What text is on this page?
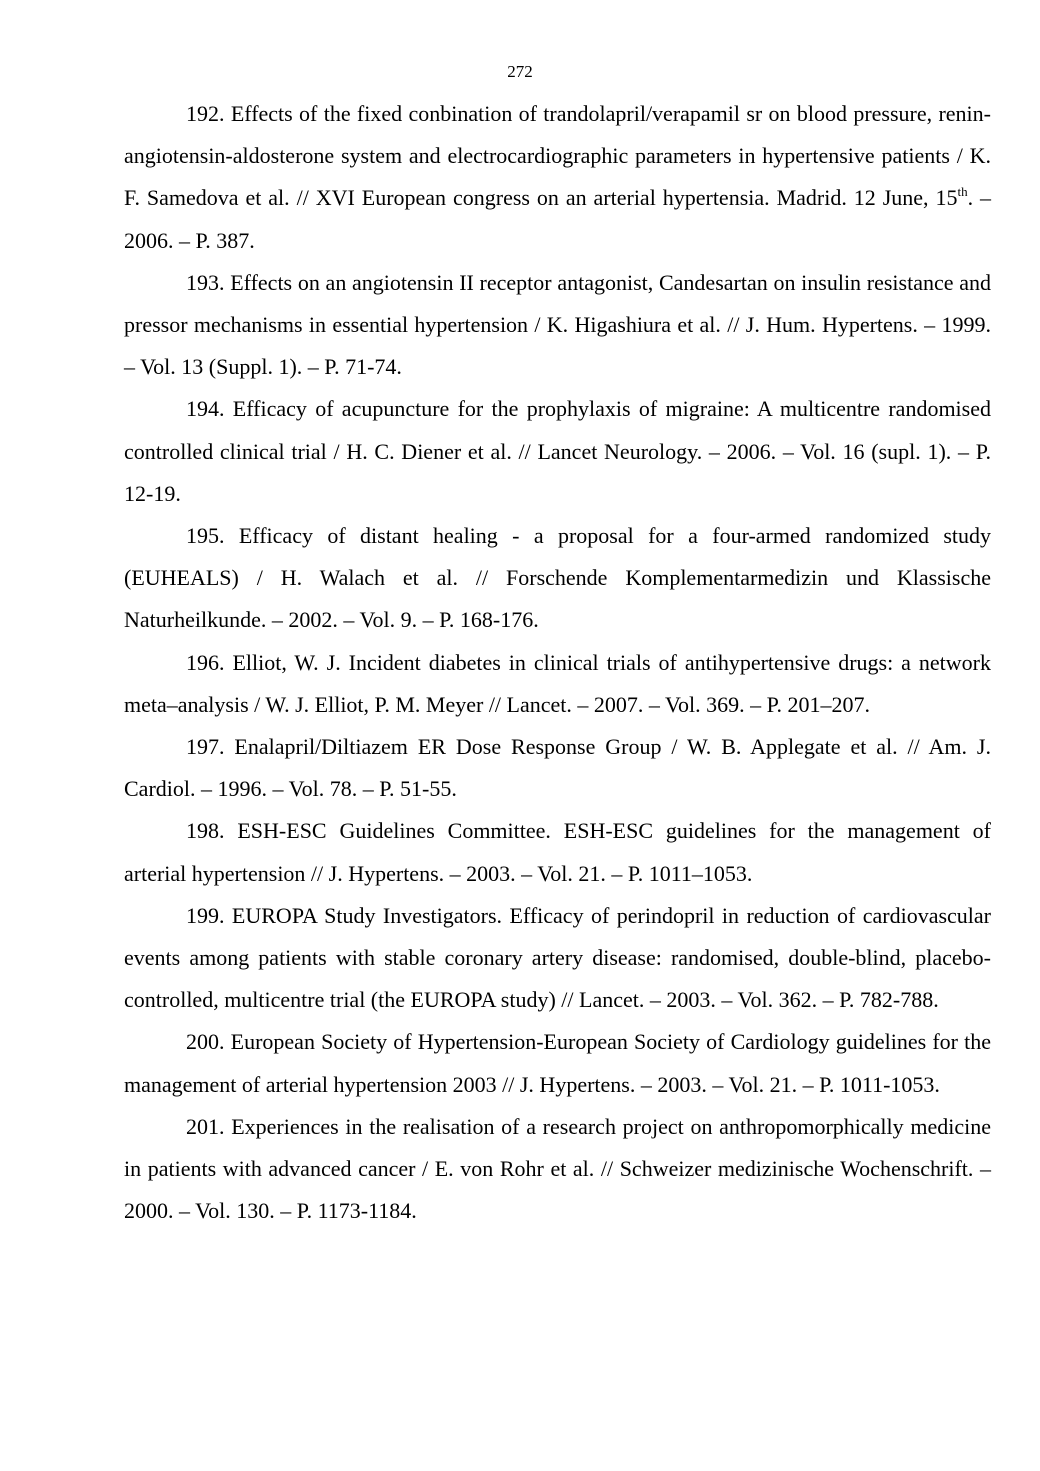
272

192. Effects of the fixed conbination of trandolapril/verapamil sr on blood pressure, renin-angiotensin-aldosterone system and electrocardiographic parameters in hypertensive patients / K. F. Samedova et al. // XVI European congress on an arterial hypertensia. Madrid. 12 June, 15th. – 2006. – P. 387.

193. Effects on an angiotensin II receptor antagonist, Candesartan on insulin resistance and pressor mechanisms in essential hypertension / K. Higashiura et al. // J. Hum. Hypertens. – 1999. – Vol. 13 (Suppl. 1). – P. 71-74.

194. Efficacy of acupuncture for the prophylaxis of migraine: A multicentre randomised controlled clinical trial / H. C. Diener et al. // Lancet Neurology. – 2006. – Vol. 16 (supl. 1). – P. 12-19.

195. Efficacy of distant healing - a proposal for a four-armed randomized study (EUHEALS) / H. Walach et al. // Forschende Komplementarmedizin und Klassische Naturheilkunde. – 2002. – Vol. 9. – P. 168-176.

196. Elliot, W. J. Incident diabetes in clinical trials of antihypertensive drugs: a network meta–analysis / W. J. Elliot, P. M. Meyer // Lancet. – 2007. – Vol. 369. – P. 201–207.

197. Enalapril/Diltiazem ER Dose Response Group / W. B. Applegate et al. // Am. J. Cardiol. – 1996. – Vol. 78. – P. 51-55.

198. ESH-ESC Guidelines Committee. ESH-ESC guidelines for the management of arterial hypertension // J. Hypertens. – 2003. – Vol. 21. – P. 1011–1053.

199. EUROPA Study Investigators. Efficacy of perindopril in reduction of cardiovascular events among patients with stable coronary artery disease: randomised, double-blind, placebo-controlled, multicentre trial (the EUROPA study) // Lancet. – 2003. – Vol. 362. – P. 782-788.

200. European Society of Hypertension-European Society of Cardiology guidelines for the management of arterial hypertension 2003 // J. Hypertens. – 2003. – Vol. 21. – P. 1011-1053.

201. Experiences in the realisation of a research project on anthropomorphically medicine in patients with advanced cancer / E. von Rohr et al. // Schweizer medizinische Wochenschrift. – 2000. – Vol. 130. – P. 1173-1184.
